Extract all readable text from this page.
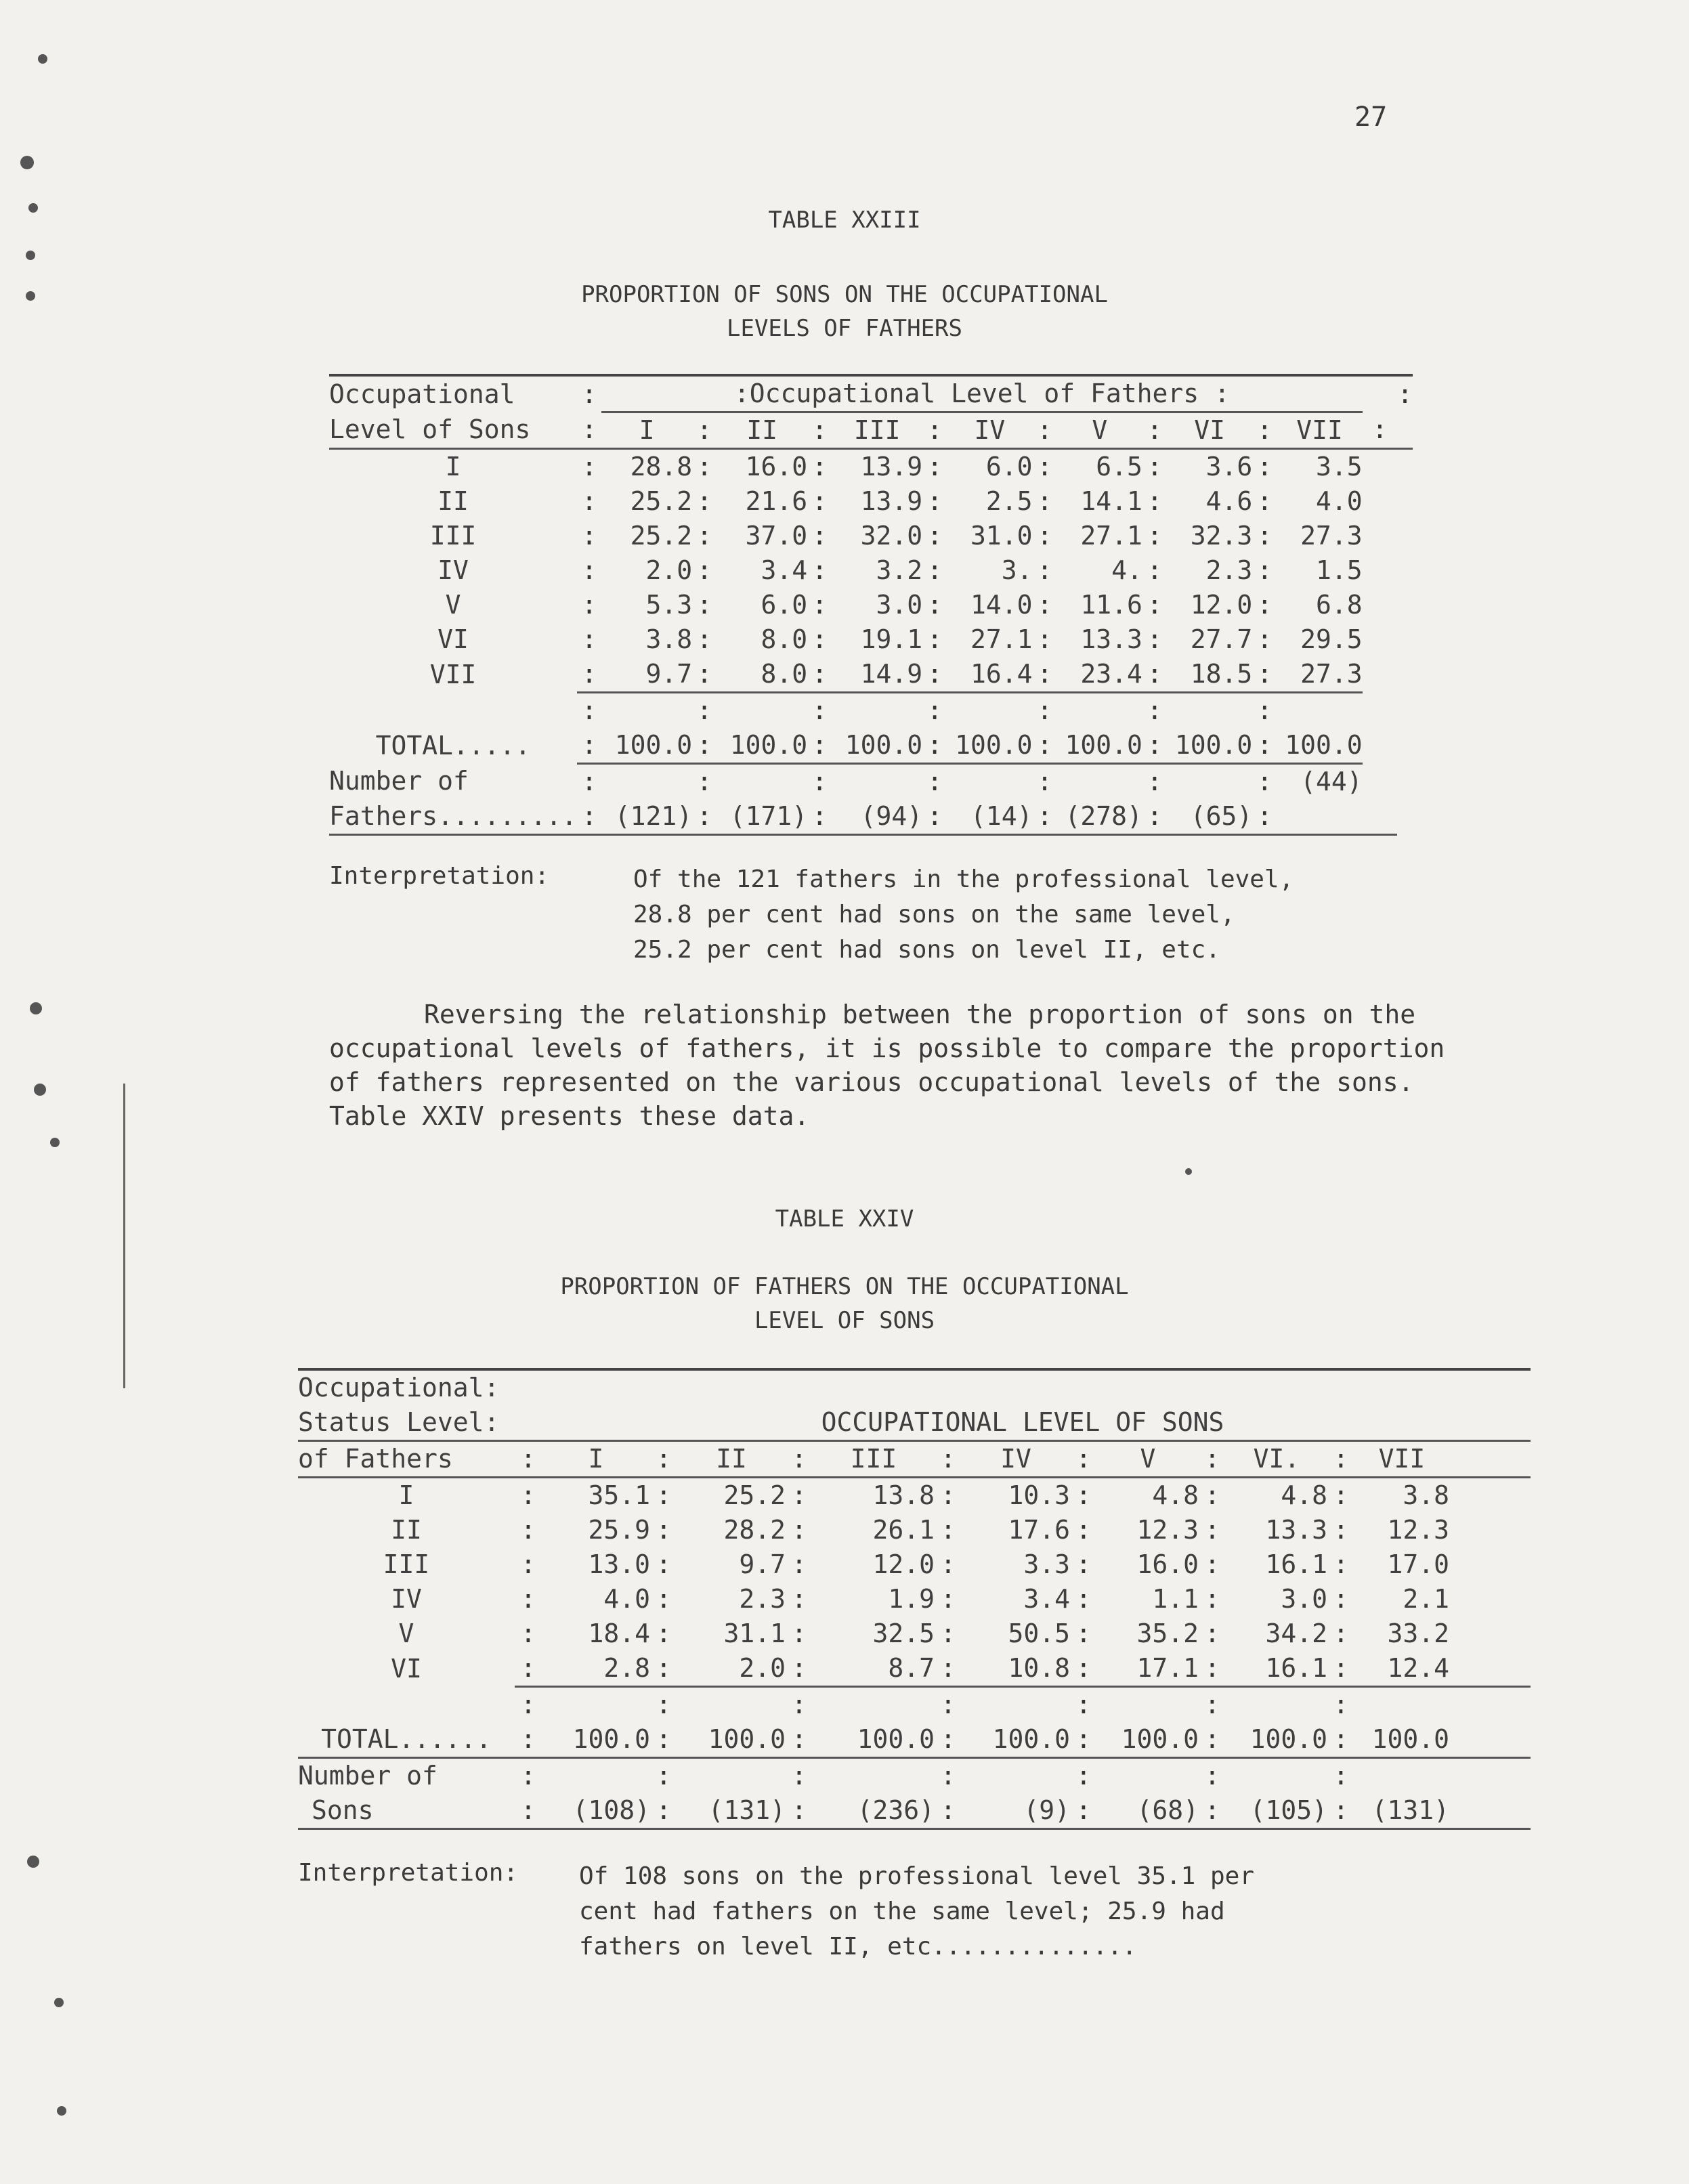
27
TABLE XXIII
PROPORTION OF SONS ON THE OCCUPATIONAL
LEVELS OF FATHERS
Occupational	:	:Occupational Level of Fathers :														:
Level of Sons	:	I	:	II	:	III	:	IV	:	V	:	VI	:	VII	:	
I	:	28.8	:	16.0	:	13.9	:	6.0	:	6.5	:	3.6	:	3.5		
II	:	25.2	:	21.6	:	13.9	:	2.5	:	14.1	:	4.6	:	4.0		
III	:	25.2	:	37.0	:	32.0	:	31.0	:	27.1	:	32.3	:	27.3		
IV	:	2.0	:	3.4	:	3.2	:	3.	:	4.	:	2.3	:	1.5		
V	:	5.3	:	6.0	:	3.0	:	14.0	:	11.6	:	12.0	:	6.8		
VI	:	3.8	:	8.0	:	19.1	:	27.1	:	13.3	:	27.7	:	29.5		
VII	:	9.7	:	8.0	:	14.9	:	16.4	:	23.4	:	18.5	:	27.3		
	:		:		:		:		:		:		:			
TOTAL.....	:	100.0	:	100.0	:	100.0	:	100.0	:	100.0	:	100.0	:	100.0		
Number of	:		:		:		:		:		:		:	(44)		
Fathers.........	:	(121)	:	(171)	:	(94)	:	(14)	:	(278)	:	(65)	:			
Interpretation:	Of the 121 fathers in the professional level,
28.8 per cent had sons on the same level,
25.2 per cent had sons on level II, etc.
Reversing the relationship between the proportion of sons on the
occupational levels of fathers, it is possible to compare the proportion
of fathers represented on the various occupational levels of the sons.
Table XXIV presents these data.
TABLE XXIV
PROPORTION OF FATHERS ON THE OCCUPATIONAL
LEVEL OF SONS
Occupational:															
Status Level:	OCCUPATIONAL LEVEL OF SONS														
of Fathers	:	I	:	II	:	III	:	IV	:	V	:	VI.	:	VII	
I	:	35.1	:	25.2	:	13.8	:	10.3	:	4.8	:	4.8	:	3.8	
II	:	25.9	:	28.2	:	26.1	:	17.6	:	12.3	:	13.3	:	12.3	
III	:	13.0	:	9.7	:	12.0	:	3.3	:	16.0	:	16.1	:	17.0	
IV	:	4.0	:	2.3	:	1.9	:	3.4	:	1.1	:	3.0	:	2.1	
V	:	18.4	:	31.1	:	32.5	:	50.5	:	35.2	:	34.2	:	33.2	
VI	:	2.8	:	2.0	:	8.7	:	10.8	:	17.1	:	16.1	:	12.4	
	:		:		:		:		:		:		:		
TOTAL......	:	100.0	:	100.0	:	100.0	:	100.0	:	100.0	:	100.0	:	100.0	
Number of	:		:		:		:		:		:		:		
Sons	:	(108)	:	(131)	:	(236)	:	(9)	:	(68)	:	(105)	:	(131)	
Interpretation: Of 108 sons on the professional level 35.1 per
cent had fathers on the same level; 25.9 had
fathers on level II, etc..............
